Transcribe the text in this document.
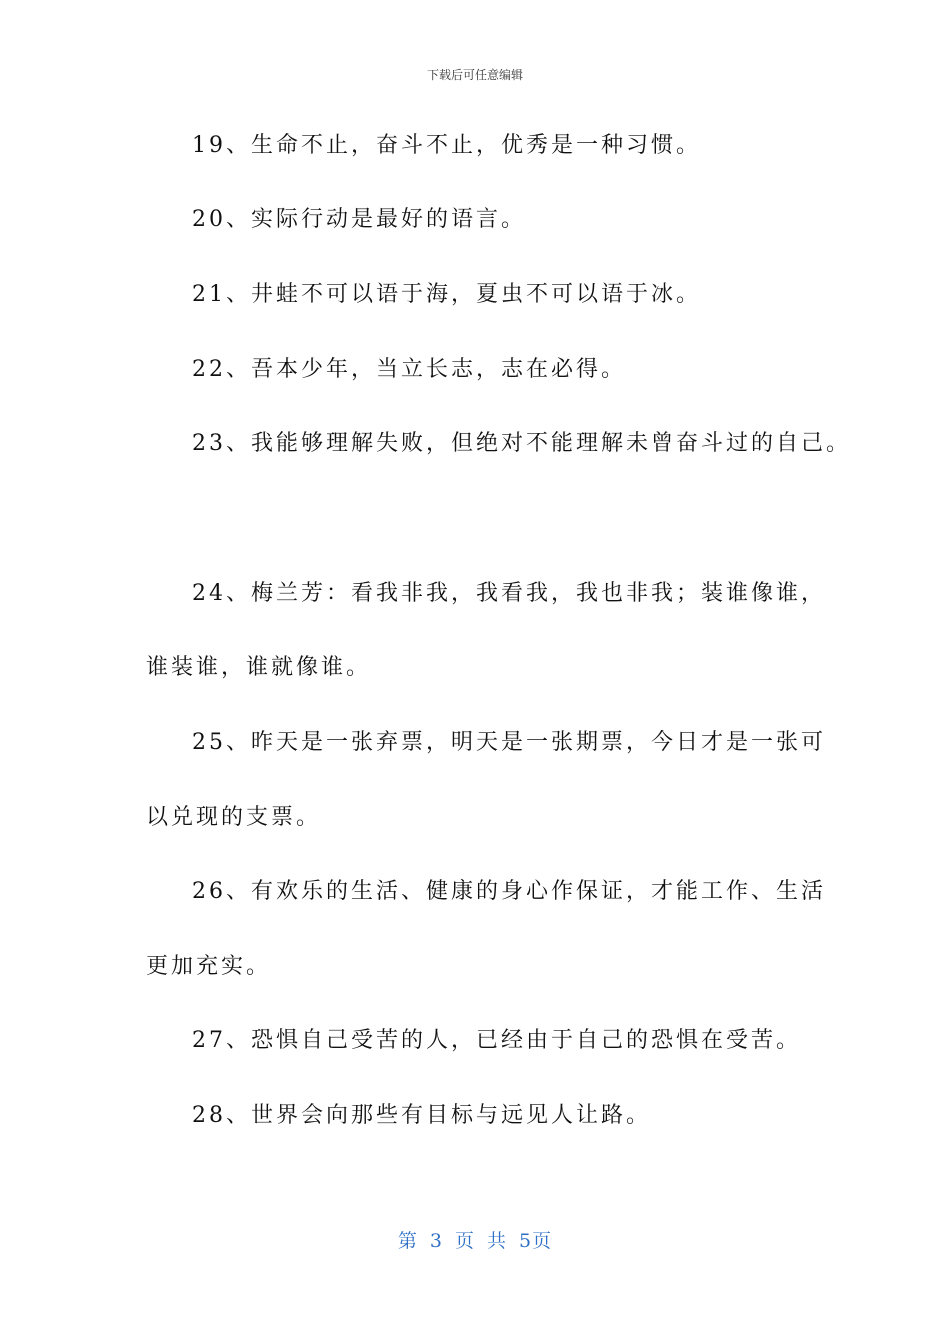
下载后可任意编辑
19、生命不止，奋斗不止，优秀是一种习惯。
20、实际行动是最好的语言。
21、井蛙不可以语于海，夏虫不可以语于冰。
22、吾本少年，当立长志，志在必得。
23、我能够理解失败，但绝对不能理解未曾奋斗过的自己。
24、梅兰芳：看我非我，我看我，我也非我；装谁像谁，
谁装谁，谁就像谁。
25、昨天是一张弃票，明天是一张期票，今日才是一张可
以兑现的支票。
26、有欢乐的生活、健康的身心作保证，才能工作、生活
更加充实。
27、恐惧自己受苦的人，已经由于自己的恐惧在受苦。
28、世界会向那些有目标与远见人让路。
第 3 页 共 5页
